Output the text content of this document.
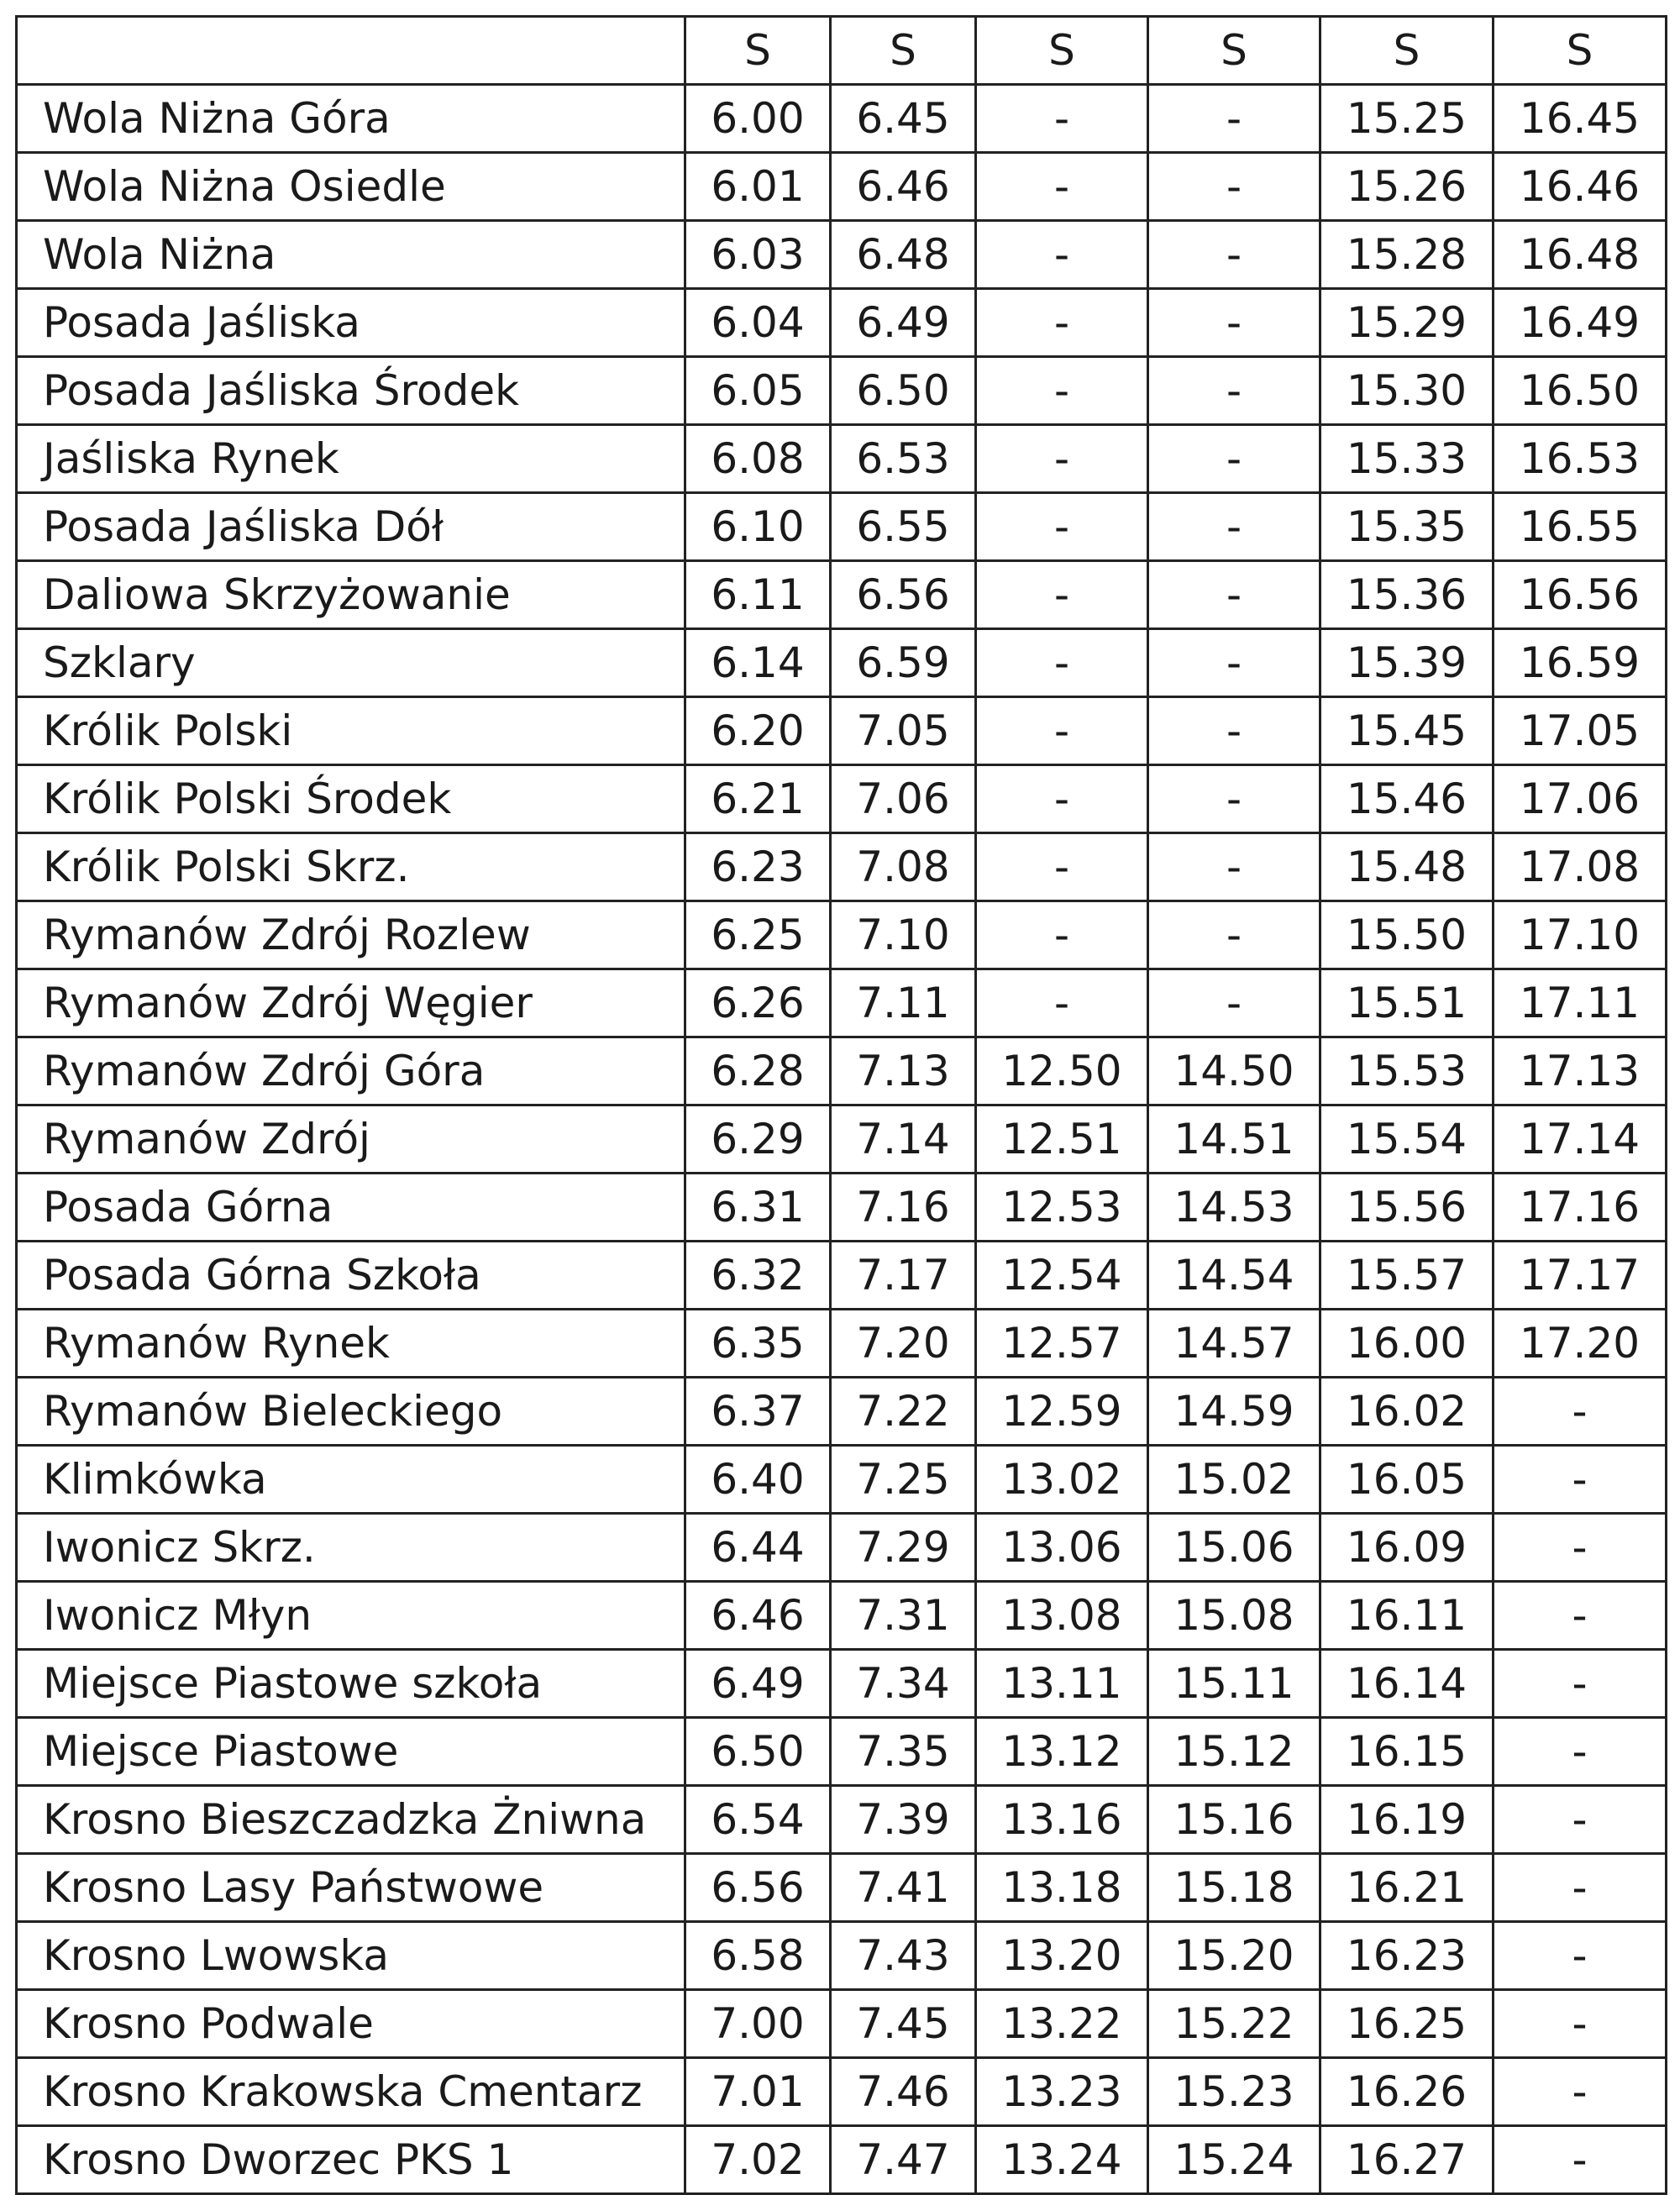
	S	S	S	S	S	S
Wola Niżna Góra	6.00	6.45	-	-	15.25	16.45
Wola Niżna Osiedle	6.01	6.46	-	-	15.26	16.46
Wola Niżna	6.03	6.48	-	-	15.28	16.48
Posada Jaśliska	6.04	6.49	-	-	15.29	16.49
Posada Jaśliska Środek	6.05	6.50	-	-	15.30	16.50
Jaśliska Rynek	6.08	6.53	-	-	15.33	16.53
Posada Jaśliska Dół	6.10	6.55	-	-	15.35	16.55
Daliowa Skrzyżowanie	6.11	6.56	-	-	15.36	16.56
Szklary	6.14	6.59	-	-	15.39	16.59
Królik Polski	6.20	7.05	-	-	15.45	17.05
Królik Polski Środek	6.21	7.06	-	-	15.46	17.06
Królik Polski Skrz.	6.23	7.08	-	-	15.48	17.08
Rymanów Zdrój Rozlew	6.25	7.10	-	-	15.50	17.10
Rymanów Zdrój Węgier	6.26	7.11	-	-	15.51	17.11
Rymanów Zdrój Góra	6.28	7.13	12.50	14.50	15.53	17.13
Rymanów Zdrój	6.29	7.14	12.51	14.51	15.54	17.14
Posada Górna	6.31	7.16	12.53	14.53	15.56	17.16
Posada Górna Szkoła	6.32	7.17	12.54	14.54	15.57	17.17
Rymanów Rynek	6.35	7.20	12.57	14.57	16.00	17.20
Rymanów Bieleckiego	6.37	7.22	12.59	14.59	16.02	-
Klimkówka	6.40	7.25	13.02	15.02	16.05	-
Iwonicz Skrz.	6.44	7.29	13.06	15.06	16.09	-
Iwonicz Młyn	6.46	7.31	13.08	15.08	16.11	-
Miejsce Piastowe szkoła	6.49	7.34	13.11	15.11	16.14	-
Miejsce Piastowe	6.50	7.35	13.12	15.12	16.15	-
Krosno Bieszczadzka Żniwna	6.54	7.39	13.16	15.16	16.19	-
Krosno Lasy Państwowe	6.56	7.41	13.18	15.18	16.21	-
Krosno Lwowska	6.58	7.43	13.20	15.20	16.23	-
Krosno Podwale	7.00	7.45	13.22	15.22	16.25	-
Krosno Krakowska Cmentarz	7.01	7.46	13.23	15.23	16.26	-
Krosno Dworzec PKS 1	7.02	7.47	13.24	15.24	16.27	-
